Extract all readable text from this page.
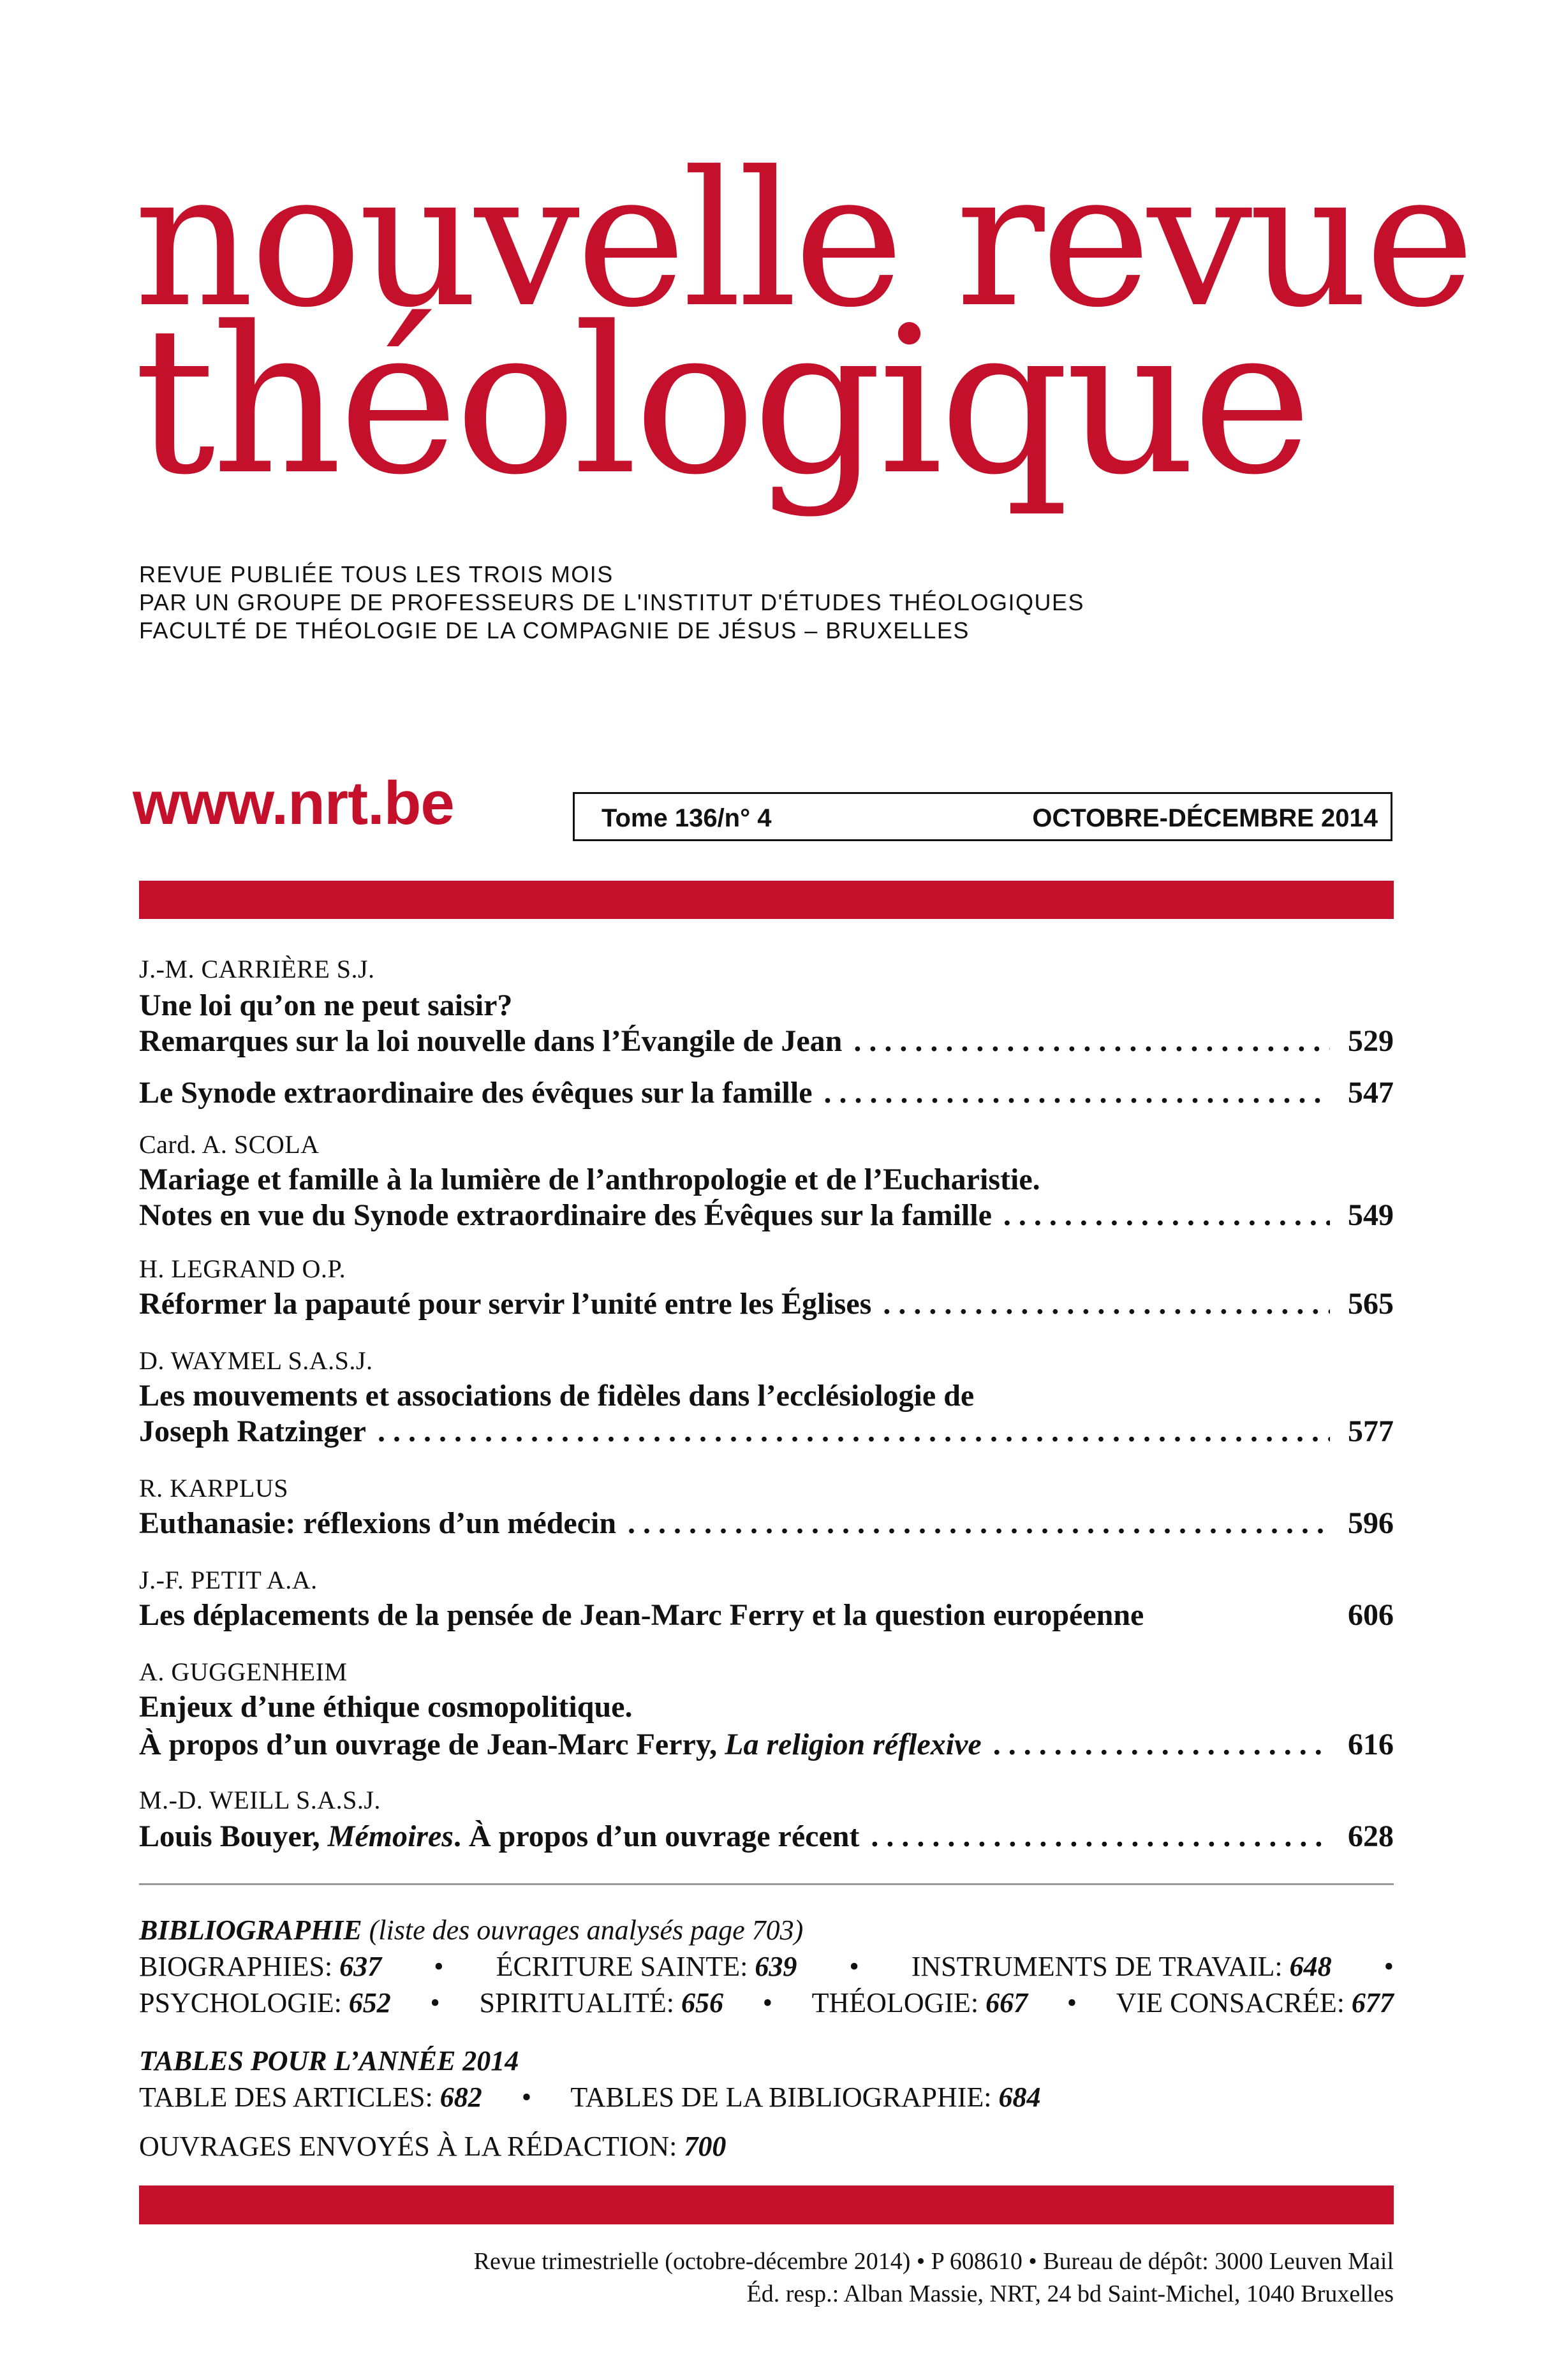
nouvelle revue
théologique
REVUE PUBLIÉE TOUS LES TROIS MOIS
PAR UN GROUPE DE PROFESSEURS DE L'INSTITUT D'ÉTUDES THÉOLOGIQUES
FACULTÉ DE THÉOLOGIE DE LA COMPAGNIE DE JÉSUS – BRUXELLES
www.nrt.be	Tome 136/n° 4	OCTOBRE-DÉCEMBRE 2014
J.-M. CARRIÈRE S.J.
Une loi qu’on ne peut saisir?
Remarques sur la loi nouvelle dans l’Évangile de Jean . . .	529
Le Synode extraordinaire des évêques sur la famille . . .	547
Card. A. SCOLA
Mariage et famille à la lumière de l’anthropologie et de l’Eucharistie.
Notes en vue du Synode extraordinaire des Évêques sur la famille . . .	549
H. LEGRAND O.P.
Réformer la papauté pour servir l’unité entre les Églises . . .	565
D. WAYMEL S.A.S.J.
Les mouvements et associations de fidèles dans l’ecclésiologie de
Joseph Ratzinger . . .	577
R. KARPLUS
Euthanasie: réflexions d’un médecin . . .	596
J.-F. PETIT A.A.
Les déplacements de la pensée de Jean-Marc Ferry et la question européenne	606
A. GUGGENHEIM
Enjeux d’une éthique cosmopolitique.
À propos d’un ouvrage de Jean-Marc Ferry, La religion réflexive . . .	616
M.-D. WEILL S.A.S.J.
Louis Bouyer, Mémoires. À propos d’un ouvrage récent . . .	628
BIBLIOGRAPHIE (liste des ouvrages analysés page 703)
BIOGRAPHIES: 637 • ÉCRITURE SAINTE: 639 • INSTRUMENTS DE TRAVAIL: 648 •
PSYCHOLOGIE: 652 • SPIRITUALITÉ: 656 • THÉOLOGIE: 667 • VIE CONSACRÉE: 677
TABLES POUR L’ANNÉE 2014
TABLE DES ARTICLES: 682 • TABLES DE LA BIBLIOGRAPHIE: 684
OUVRAGES ENVOYÉS À LA RÉDACTION: 700
Revue trimestrielle (octobre-décembre 2014) • P 608610 • Bureau de dépôt: 3000 Leuven Mail
Éd. resp.: Alban Massie, NRT, 24 bd Saint-Michel, 1040 Bruxelles
